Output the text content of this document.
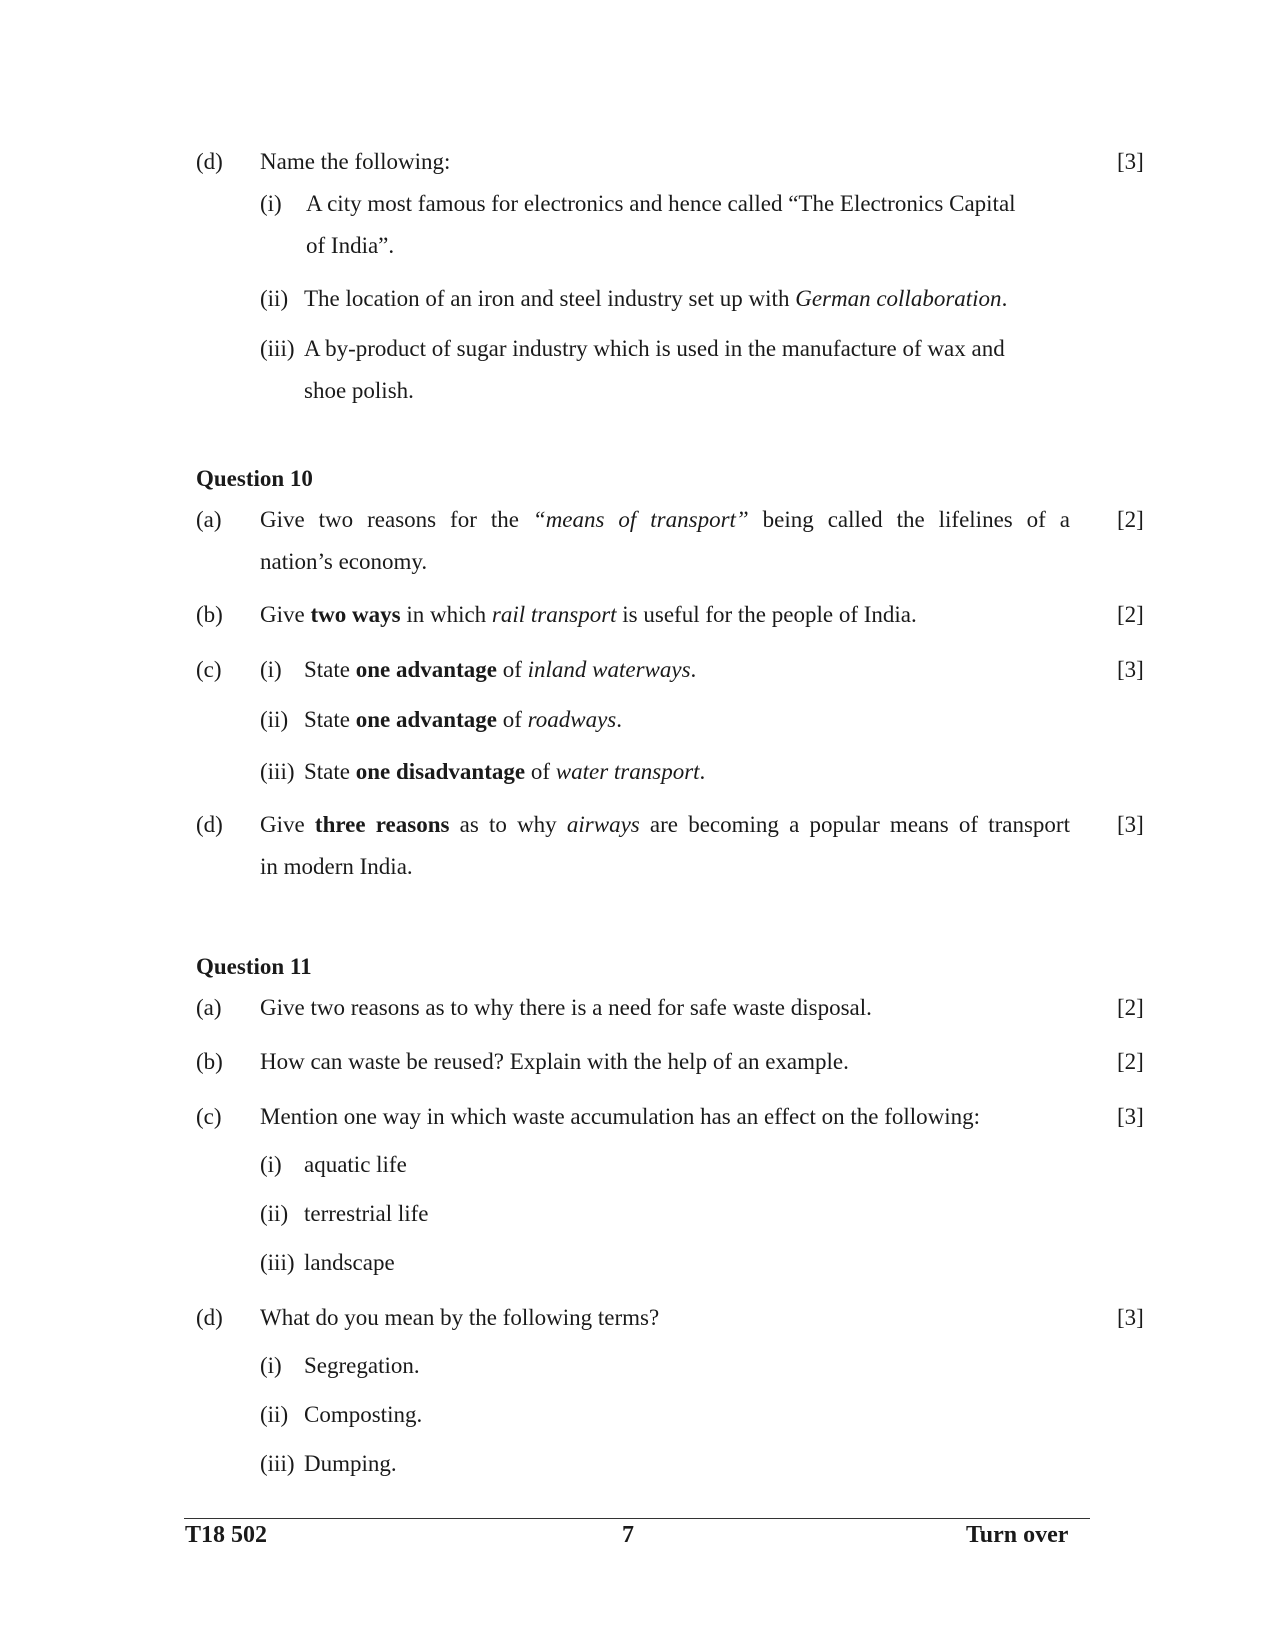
(d) Name the following:	[3]
(i) A city most famous for electronics and hence called “The Electronics Capital
of India”.
(ii) The location of an iron and steel industry set up with German collaboration.
(iii) A by-product of sugar industry which is used in the manufacture of wax and
shoe polish.
Question 10
(a) Give two reasons for the “means of transport” being called the lifelines of a [2]
nation’s economy.
(b) Give two ways in which rail transport is useful for the people of India.	[2]
(c) (i) State one advantage of inland waterways.	[3]
(ii) State one advantage of roadways.
(iii) State one disadvantage of water transport.
(d) Give three reasons as to why airways are becoming a popular means of transport [3]
in modern India.
Question 11
(a) Give two reasons as to why there is a need for safe waste disposal.	[2]
(b) How can waste be reused? Explain with the help of an example.	[2]
(c) Mention one way in which waste accumulation has an effect on the following:	[3]
(i) aquatic life
(ii) terrestrial life
(iii) landscape
(d) What do you mean by the following terms?	[3]
(i) Segregation.
(ii) Composting.
(iii) Dumping.
T18 502	7	Turn over
